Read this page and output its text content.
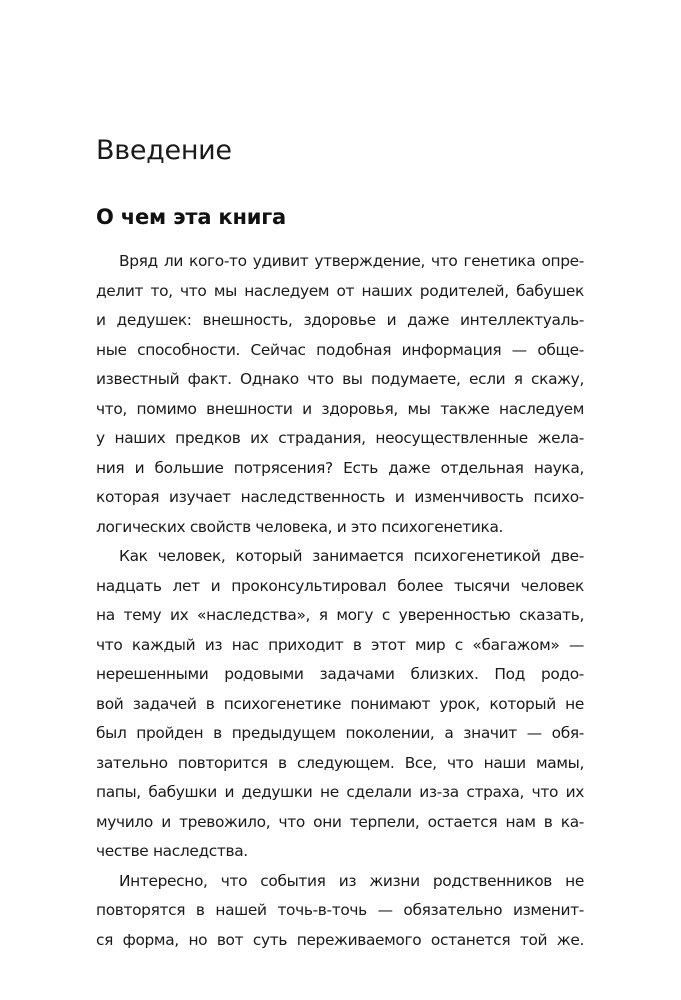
Введение
О чем эта книга
Вряд ли кого-то удивит утверждение, что генетика опре-
делит то, что мы наследуем от наших родителей, бабушек
и дедушек: внешность, здоровье и даже интеллектуаль-
ные способности. Сейчас подобная информация — обще-
известный факт. Однако что вы подумаете, если я скажу,
что, помимо внешности и здоровья, мы также наследуем
у наших предков их страдания, неосуществленные жела-
ния и большие потрясения? Есть даже отдельная наука,
которая изучает наследственность и изменчивость психо-
логических свойств человека, и это психогенетика.
Как человек, который занимается психогенетикой две-
надцать лет и проконсультировал более тысячи человек
на тему их «наследства», я могу с уверенностью сказать,
что каждый из нас приходит в этот мир с «багажом» —
нерешенными родовыми задачами близких. Под родо-
вой задачей в психогенетике понимают урок, который не
был пройден в предыдущем поколении, а значит — обя-
зательно повторится в следующем. Все, что наши мамы,
папы, бабушки и дедушки не сделали из-за страха, что их
мучило и тревожило, что они терпели, остается нам в ка-
честве наследства.
Интересно, что события из жизни родственников не
повторятся в нашей точь-в-точь — обязательно изменит-
ся форма, но вот суть переживаемого останется той же.
